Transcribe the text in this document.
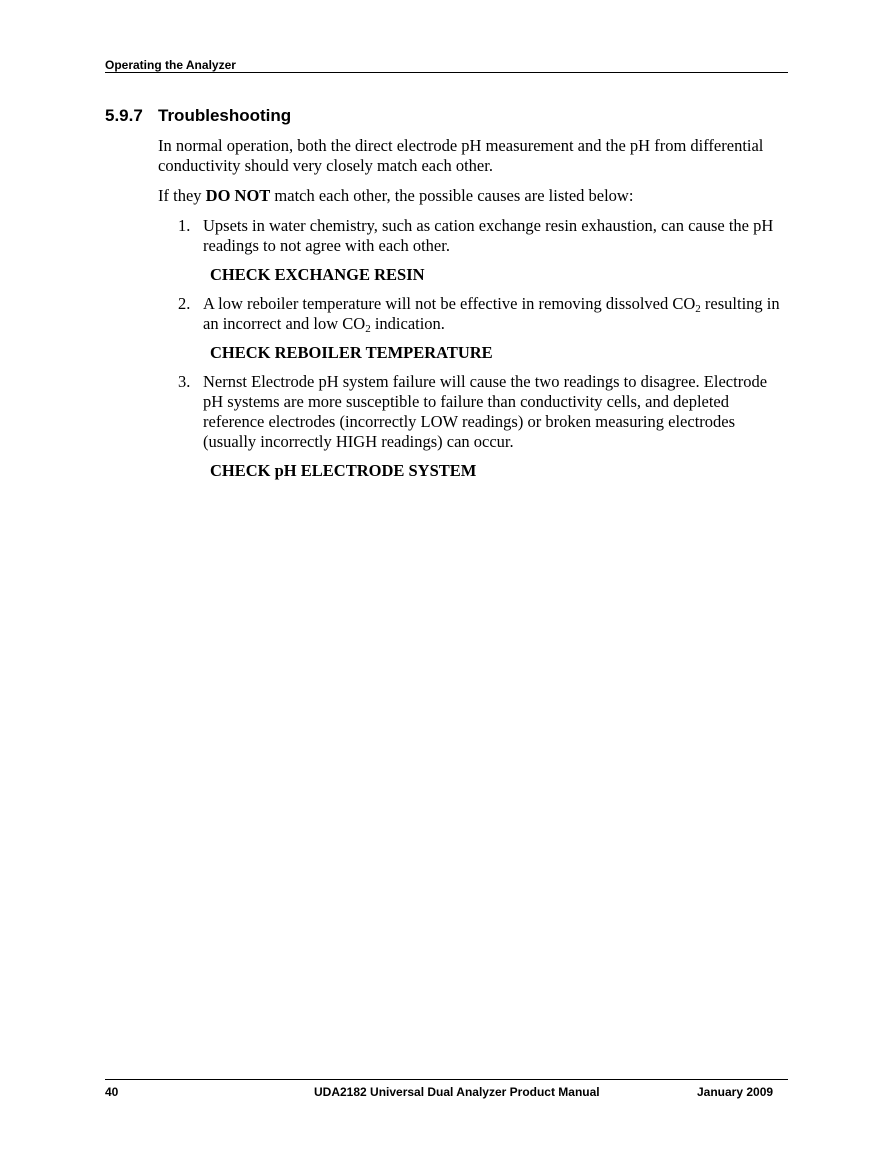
Operating the Analyzer
5.9.7 Troubleshooting

In normal operation, both the direct electrode pH measurement and the pH from differential conductivity should very closely match each other.

If they DO NOT match each other, the possible causes are listed below:

1. Upsets in water chemistry, such as cation exchange resin exhaustion, can cause the pH readings to not agree with each other.

CHECK EXCHANGE RESIN

2. A low reboiler temperature will not be effective in removing dissolved $CO_2$ resulting in an incorrect and low $CO_2$ indication.

CHECK REBOILER TEMPERATURE

3. Nernst Electrode pH system failure will cause the two readings to disagree. Electrode pH systems are more susceptible to failure than conductivity cells, and depleted reference electrodes (incorrectly LOW readings) or broken measuring electrodes (usually incorrectly HIGH readings) can occur.

CHECK pH ELECTRODE SYSTEM

40	UDA2182 Universal Dual Analyzer Product Manual	January 2009
